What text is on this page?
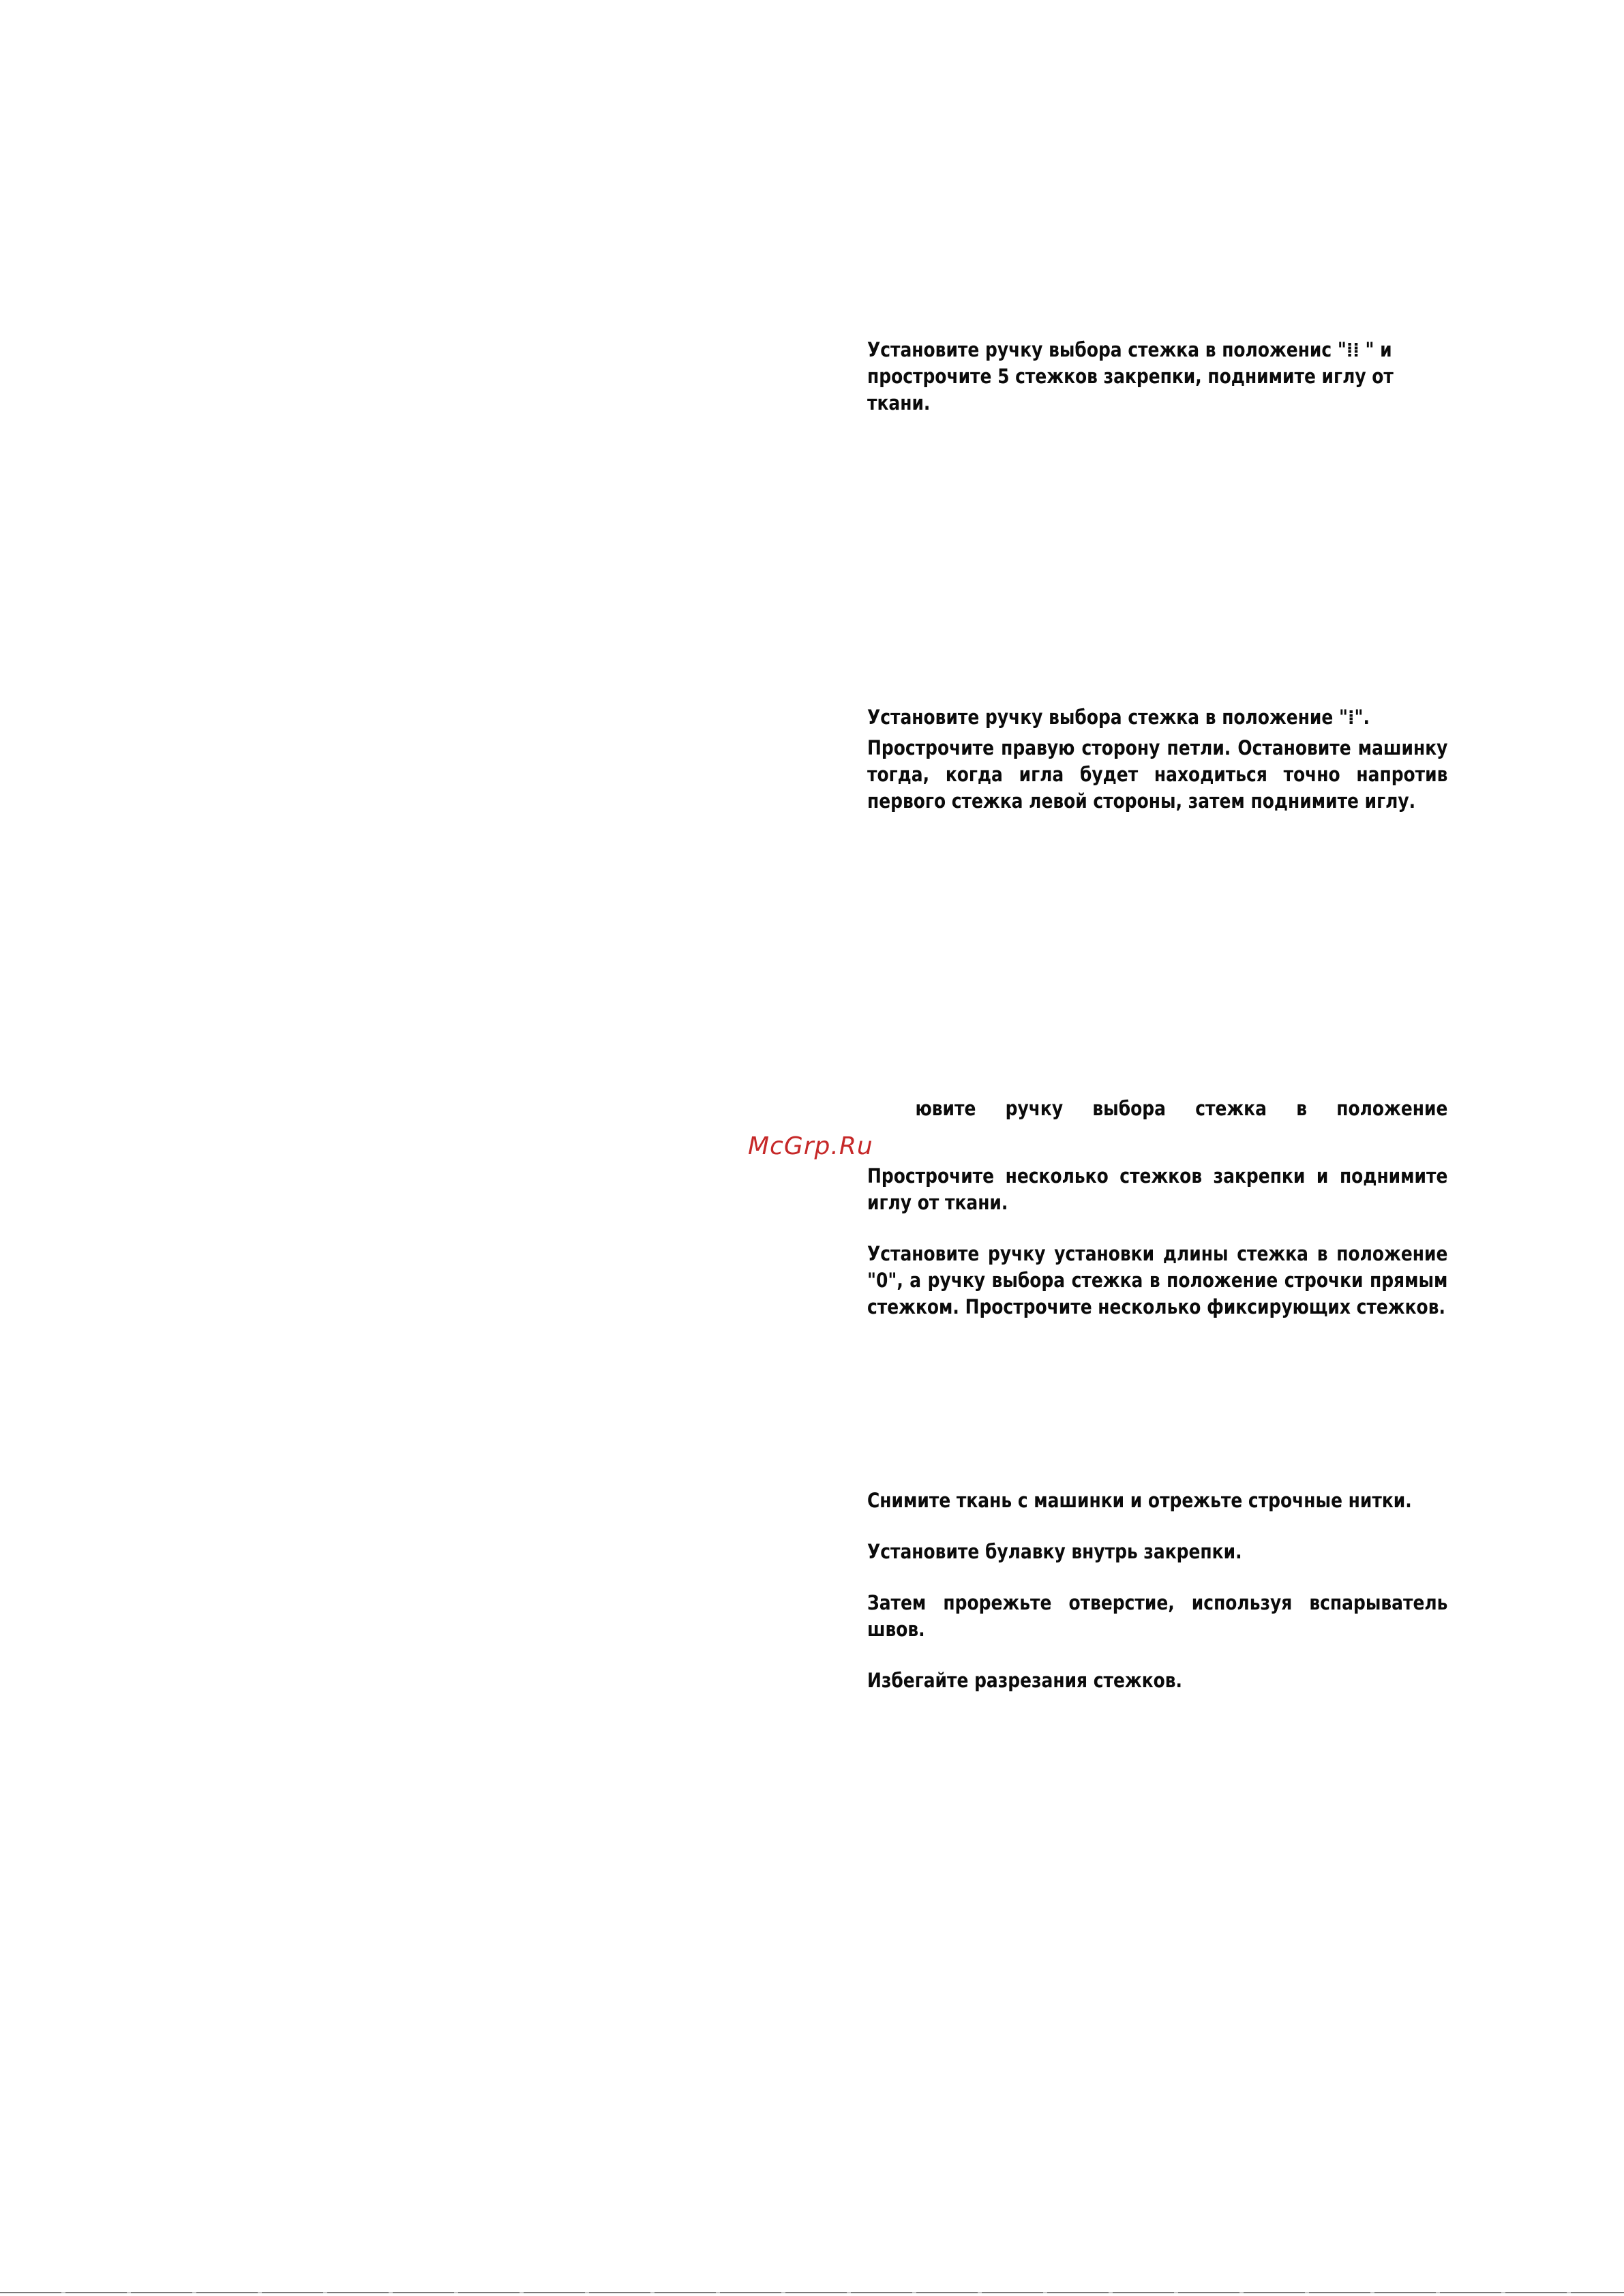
Установите ручку выбора стежка в положенис "⁞⁞ " и прострочите 5 стежков закрепки, поднимите иглу от ткани.

Установите ручку выбора стежка в положение "⁞".

Прострочите правую сторону петли. Остановите машинку тогда, когда игла будет находиться точно напротив первого стежка левой стороны, затем поднимите иглу.

ювите ручку выбора стежка в положение

Прострочите несколько стежков закрепки и поднимите иглу от ткани.

Установите ручку установки длины стежка в положение "0", а ручку выбора стежка в положение строчки прямым стежком. Прострочите несколько фиксирующих стежков.

Снимите ткань с машинки и отрежьте строчные нитки.

Установите булавку внутрь закрепки.

Затем прорежьте отверстие, используя вспарыватель швов.

Избегайте разрезания стежков.

McGrp.Ru
